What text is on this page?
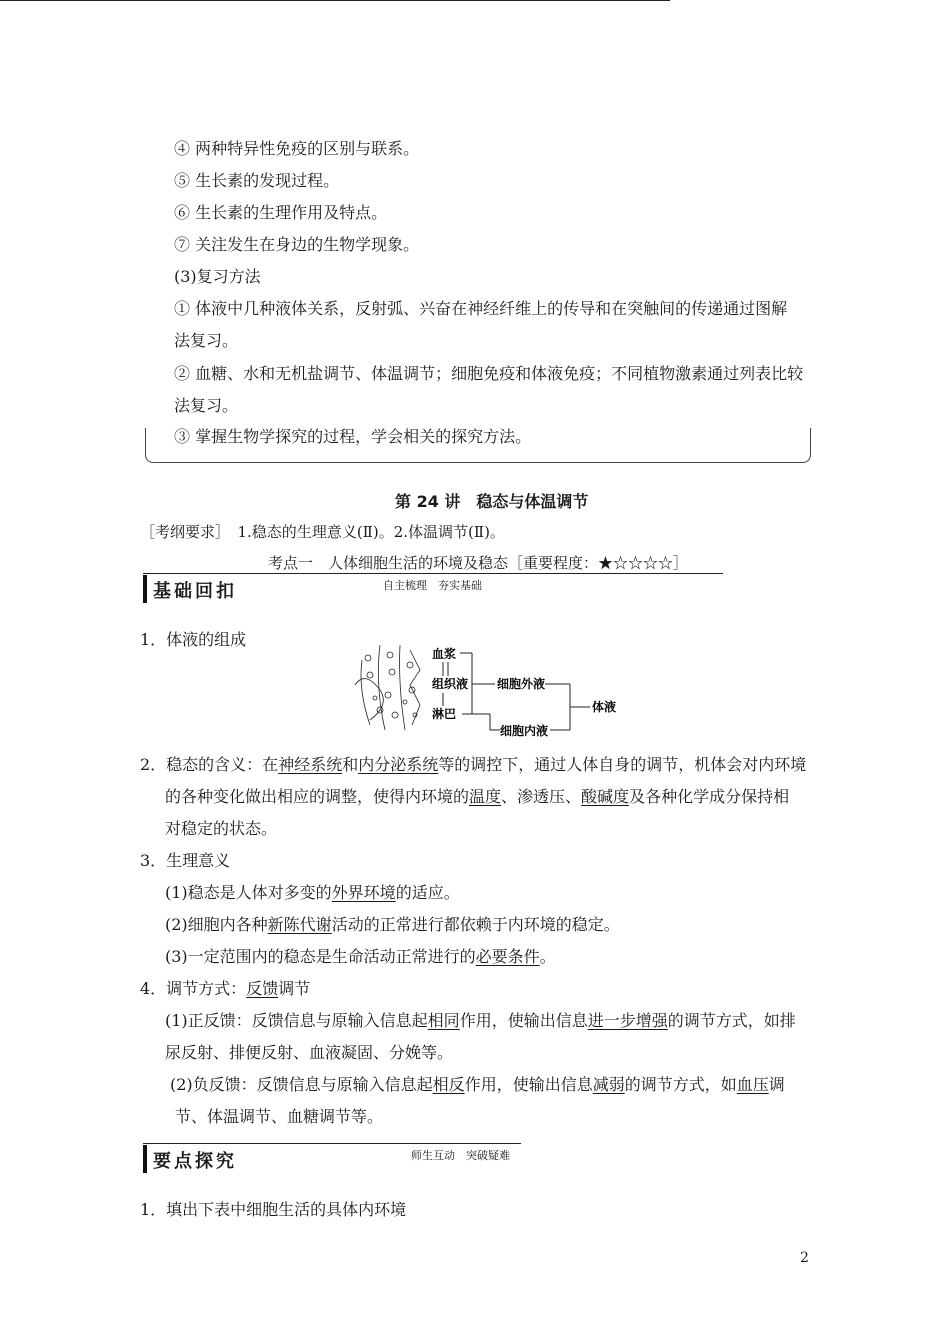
④ 两种特异性免疫的区别与联系。
⑤ 生长素的发现过程。
⑥ 生长素的生理作用及特点。
⑦ 关注发生在身边的生物学现象。
(3)复习方法
① 体液中几种液体关系，反射弧、兴奋在神经纤维上的传导和在突触间的传递通过图解
法复习。
② 血糖、水和无机盐调节、体温调节；细胞免疫和体液免疫；不同植物激素通过列表比较
法复习。
③ 掌握生物学探究的过程，学会相关的探究方法。
第 24 讲　稳态与体温调节
［考纲要求］　1.稳态的生理意义(Ⅱ)。2.体温调节(Ⅱ)。
考点一　人体细胞生活的环境及稳态［重要程度：★☆☆☆☆］
基础回扣	自主梳理　夯实基础
1．体液的组成
血浆
组织液
淋巴
细胞外液
细胞内液
体液
2．稳态的含义：在神经系统和内分泌系统等的调控下，通过人体自身的调节，机体会对内环境
的各种变化做出相应的调整，使得内环境的温度、渗透压、酸碱度及各种化学成分保持相
对稳定的状态。
3．生理意义
(1)稳态是人体对多变的外界环境的适应。
(2)细胞内各种新陈代谢活动的正常进行都依赖于内环境的稳定。
(3)一定范围内的稳态是生命活动正常进行的必要条件。
4．调节方式：反馈调节
(1)正反馈：反馈信息与原输入信息起相同作用，使输出信息进一步增强的调节方式，如排
尿反射、排便反射、血液凝固、分娩等。
(2)负反馈：反馈信息与原输入信息起相反作用，使输出信息减弱的调节方式，如血压调
节、体温调节、血糖调节等。
要点探究	师生互动　突破疑难
1．填出下表中细胞生活的具体内环境
2
